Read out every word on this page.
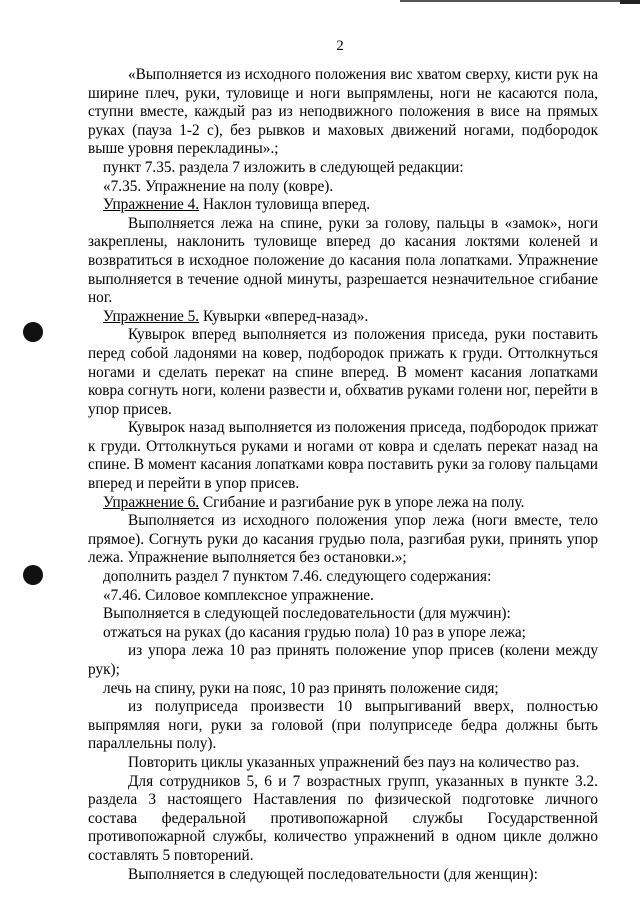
2

«Выполняется из исходного положения вис хватом сверху, кисти рук на ширине плеч, руки, туловище и ноги выпрямлены, ноги не касаются пола, ступни вместе, каждый раз из неподвижного положения в висе на прямых руках (пауза 1-2 с), без рывков и маховых движений ногами, подбородок выше уровня перекладины».;

пункт 7.35. раздела 7 изложить в следующей редакции:

«7.35. Упражнение на полу (ковре).

Упражнение 4. Наклон туловища вперед.

Выполняется лежа на спине, руки за голову, пальцы в «замок», ноги закреплены, наклонить туловище вперед до касания локтями коленей и возвратиться в исходное положение до касания пола лопатками. Упражнение выполняется в течение одной минуты, разрешается незначительное сгибание ног.

Упражнение 5. Кувырки «вперед-назад».

Кувырок вперед выполняется из положения приседа, руки поставить перед собой ладонями на ковер, подбородок прижать к груди. Оттолкнуться ногами и сделать перекат на спине вперед. В момент касания лопатками ковра согнуть ноги, колени развести и, обхватив руками голени ног, перейти в упор присев.

Кувырок назад выполняется из положения приседа, подбородок прижат к груди. Оттолкнуться руками и ногами от ковра и сделать перекат назад на спине. В момент касания лопатками ковра поставить руки за голову пальцами вперед и перейти в упор присев.

Упражнение 6. Сгибание и разгибание рук в упоре лежа на полу.

Выполняется из исходного положения упор лежа (ноги вместе, тело прямое). Согнуть руки до касания грудью пола, разгибая руки, принять упор лежа. Упражнение выполняется без остановки.»;

дополнить раздел 7 пунктом 7.46. следующего содержания:

«7.46. Силовое комплексное упражнение.

Выполняется в следующей последовательности (для мужчин):

отжаться на руках (до касания грудью пола) 10 раз в упоре лежа;

из упора лежа 10 раз принять положение упор присев (колени между рук);

лечь на спину, руки на пояс, 10 раз принять положение сидя;

из полуприседа произвести 10 выпрыгиваний вверх, полностью выпрямляя ноги, руки за головой (при полуприседе бедра должны быть параллельны полу).

Повторить циклы указанных упражнений без пауз на количество раз.

Для сотрудников 5, 6 и 7 возрастных групп, указанных в пункте 3.2. раздела 3 настоящего Наставления по физической подготовке личного состава федеральной противопожарной службы Государственной противопожарной службы, количество упражнений в одном цикле должно составлять 5 повторений.

Выполняется в следующей последовательности (для женщин):
